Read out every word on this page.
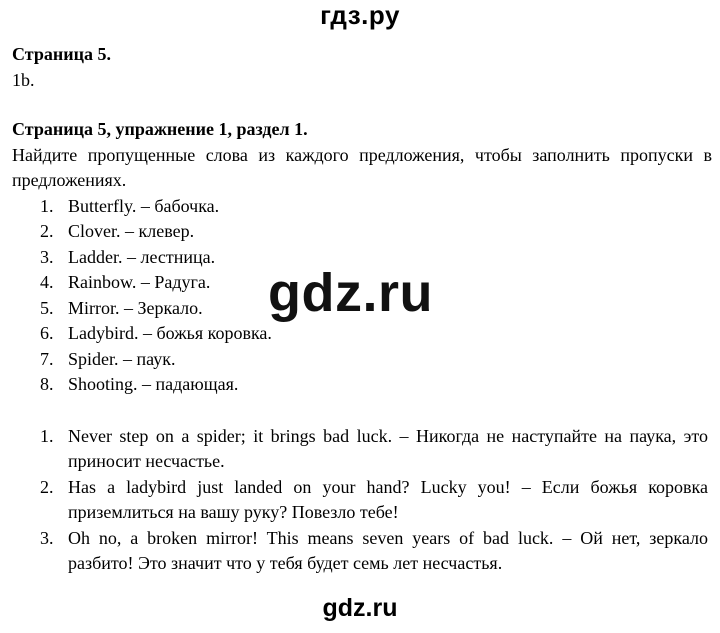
гдз.ру

Страница 5.

1b.

Страница 5, упражнение 1, раздел 1.

Найдите пропущенные слова из каждого предложения, чтобы заполнить пропуски в предложениях.

1. Butterfly. – бабочка.
2. Clover. – клевер.
3. Ladder. – лестница.
4. Rainbow. – Радуга.
5. Mirror. – Зеркало.
6. Ladybird. – божья коровка.
7. Spider. – паук.
8. Shooting. – падающая.
1. Never step on a spider; it brings bad luck. – Никогда не наступайте на паука, это приносит несчастье.
2. Has a ladybird just landed on your hand? Lucky you! – Если божья коровка приземлиться на вашу руку? Повезло тебе!
3. Oh no, a broken mirror! This means seven years of bad luck. – Ой нет, зеркало разбито! Это значит что у тебя будет семь лет несчастья.
gdz.ru
gdz.ru
